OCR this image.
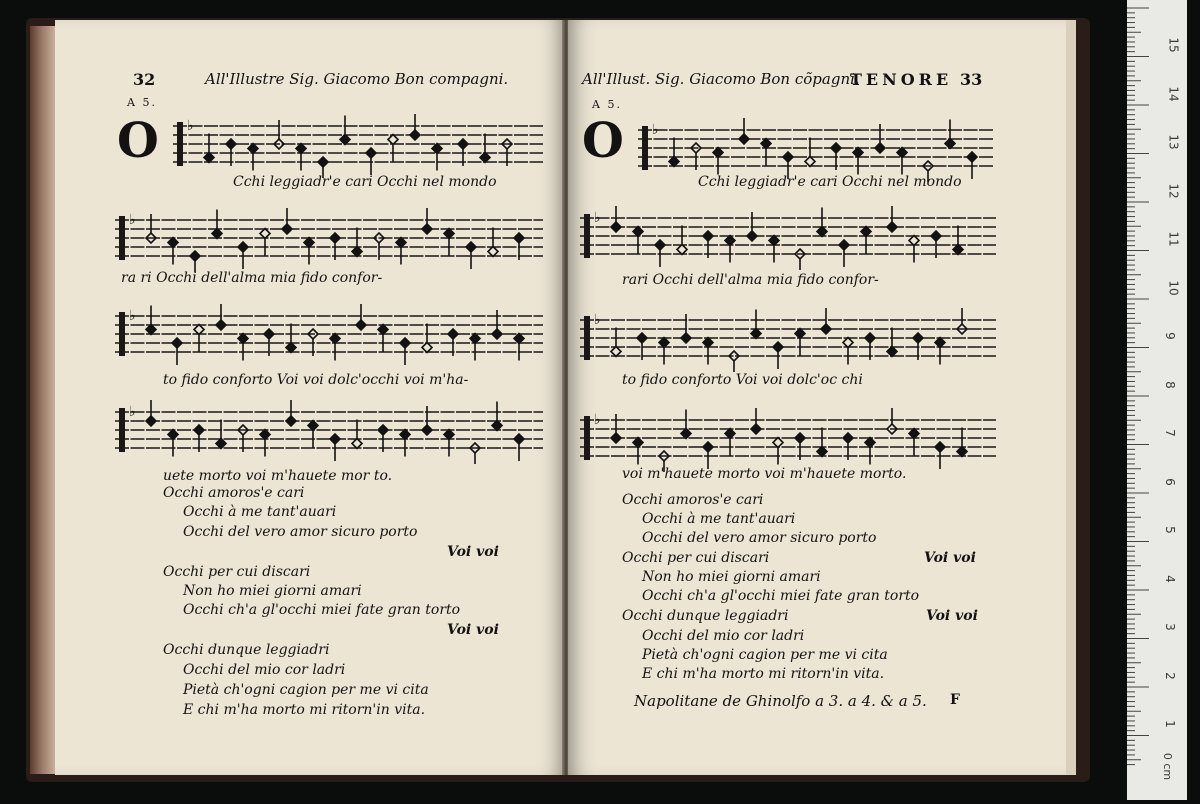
32	All'Illustre Sig. Giacomo Bon compagni.
A 5.
O ♭
Cchi leggiadr'e cari Occhi nel mondo
♭
ra ri Occhi dell'alma mia fido confor-
♭
to fido conforto Voi voi dolc'occhi voi m'ha-
♭
uete morto voi m'hauete mor to.
Occhi amoros'e cari
Occhi à me tant'auari
Occhi del vero amor sicuro porto
Voi voi
Occhi per cui discari
Non ho miei giorni amari
Occhi ch'a gl'occhi miei fate gran torto
Voi voi
Occhi dunque leggiadri
Occhi del mio cor ladri
Pietà ch'ogni cagion per me vi cita
E chi m'ha morto mi ritorn'in vita.
All'Illust. Sig. Giacomo Bon cõpagni.
TENORE 33
A 5.
O ♭
Cchi leggiadr'e cari Occhi nel mondo
♭
rari Occhi dell'alma mia fido confor-
♭
to fido conforto Voi voi dolc'oc chi
♭
voi m'hauete morto voi m'hauete morto.
Occhi amoros'e cari
Occhi à me tant'auari
Occhi del vero amor sicuro porto
Occhi per cui discari	Voi voi
Non ho miei giorni amari
Occhi ch'a gl'occhi miei fate gran torto
Occhi dunque leggiadri	Voi voi
Occhi del mio cor ladri
Pietà ch'ogni cagion per me vi cita
E chi m'ha morto mi ritorn'in vita.
Napolitane de Ghinolfo a 3. a 4. & a 5. F
15
14
13
12
11
10
9
8
7
6
5
4
3
2
1
0 cm
